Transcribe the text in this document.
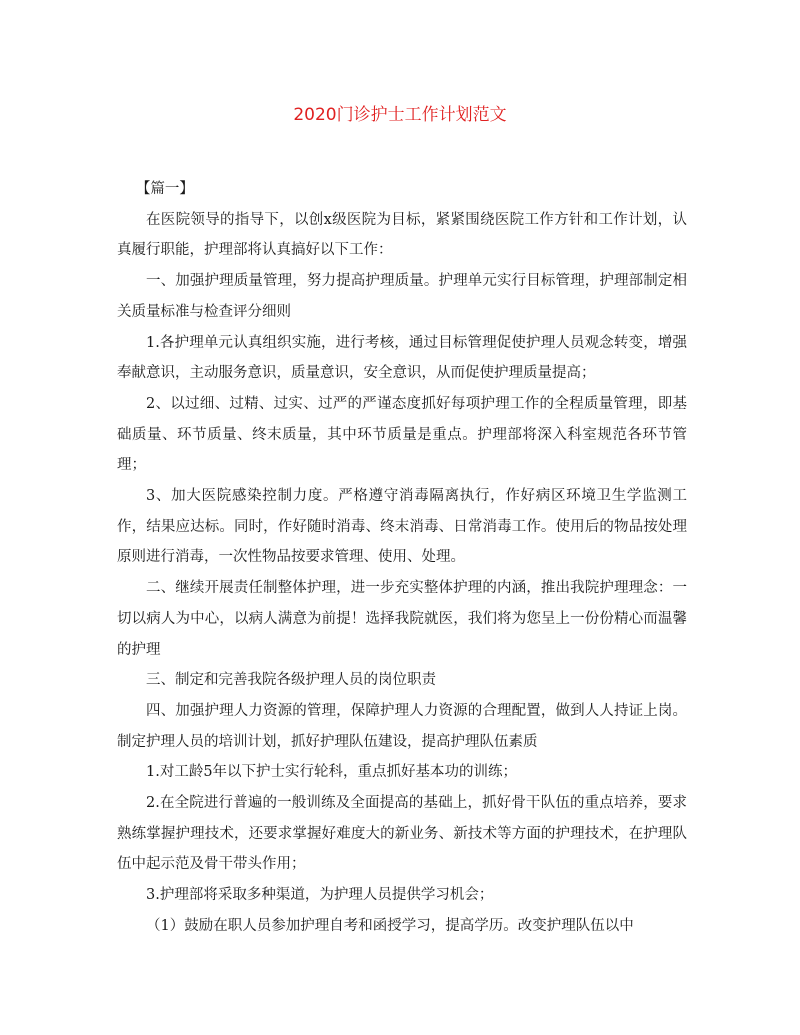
2020门诊护士工作计划范文

【篇一】

在医院领导的指导下，以创x级医院为目标，紧紧围绕医院工作方针和工作计划，认真履行职能，护理部将认真搞好以下工作：

一、加强护理质量管理，努力提高护理质量。护理单元实行目标管理，护理部制定相关质量标准与检查评分细则

1.各护理单元认真组织实施，进行考核，通过目标管理促使护理人员观念转变，增强奉献意识，主动服务意识，质量意识，安全意识，从而促使护理质量提高；

2、以过细、过精、过实、过严的严谨态度抓好每项护理工作的全程质量管理，即基础质量、环节质量、终末质量，其中环节质量是重点。护理部将深入科室规范各环节管理；

3、加大医院感染控制力度。严格遵守消毒隔离执行，作好病区环境卫生学监测工作，结果应达标。同时，作好随时消毒、终末消毒、日常消毒工作。使用后的物品按处理原则进行消毒，一次性物品按要求管理、使用、处理。

二、继续开展责任制整体护理，进一步充实整体护理的内涵，推出我院护理理念：一切以病人为中心，以病人满意为前提！选择我院就医，我们将为您呈上一份份精心而温馨的护理

三、制定和完善我院各级护理人员的岗位职责

四、加强护理人力资源的管理，保障护理人力资源的合理配置，做到人人持证上岗。制定护理人员的培训计划，抓好护理队伍建设，提高护理队伍素质

1.对工龄5年以下护士实行轮科，重点抓好基本功的训练；

2.在全院进行普遍的一般训练及全面提高的基础上，抓好骨干队伍的重点培养，要求熟练掌握护理技术，还要求掌握好难度大的新业务、新技术等方面的护理技术，在护理队伍中起示范及骨干带头作用；

3.护理部将采取多种渠道，为护理人员提供学习机会；

（1）鼓励在职人员参加护理自考和函授学习，提高学历。改变护理队伍以中
